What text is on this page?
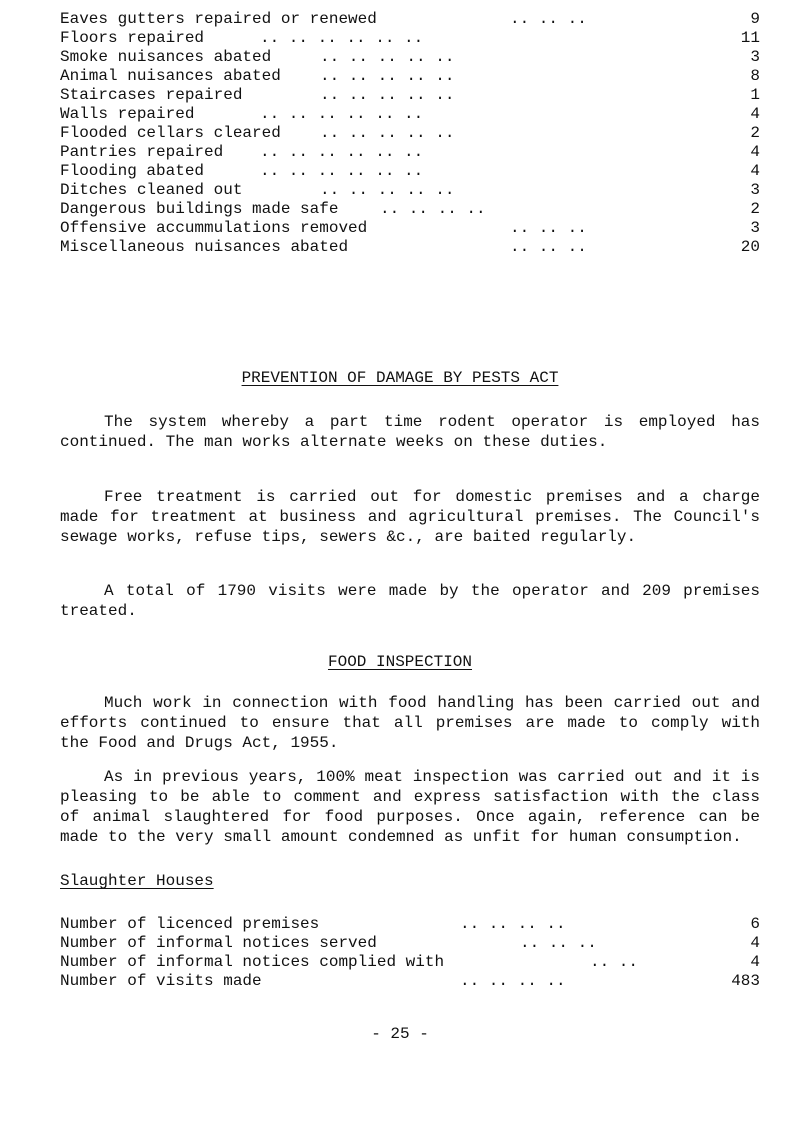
Eaves gutters repaired or renewed	.. .. ..	9
Floors repaired	.. .. .. .. .. ..	11
Smoke nuisances abated	.. .. .. .. ..	3
Animal nuisances abated .. .. .. .. ..	8
Staircases repaired	.. .. .. .. ..	1
Walls repaired	.. .. .. .. .. ..	4
Flooded cellars cleared .. .. .. .. ..	2
Pantries repaired .. .. .. .. .. ..	4
Flooding abated	.. .. .. .. .. ..	4
Ditches cleaned out	.. .. .. .. ..	3
Dangerous buildings made safe	.. .. .. ..	2
Offensive accummulations removed	.. .. ..	3
Miscellaneous nuisances abated	.. .. ..	20
PREVENTION OF DAMAGE BY PESTS ACT

The system whereby a part time rodent operator is employed has continued. The man works alternate weeks on these duties.

Free treatment is carried out for domestic premises and a charge made for treatment at business and agricultural premises. The Council's sewage works, refuse tips, sewers &c., are baited regularly.

A total of 1790 visits were made by the operator and 209 premises treated.

FOOD INSPECTION

Much work in connection with food handling has been carried out and efforts continued to ensure that all premises are made to comply with the Food and Drugs Act, 1955.

As in previous years, 100% meat inspection was carried out and it is pleasing to be able to comment and express satisfaction with the class of animal slaughtered for food purposes. Once again, reference can be made to the very small amount condemned as unfit for human consumption.

Slaughter Houses
Number of licenced premises	.. .. .. ..	6
Number of informal notices served	.. .. ..	4
Number of informal notices complied with	.. ..	4
Number of visits made	.. .. .. ..	483
- 25 -
